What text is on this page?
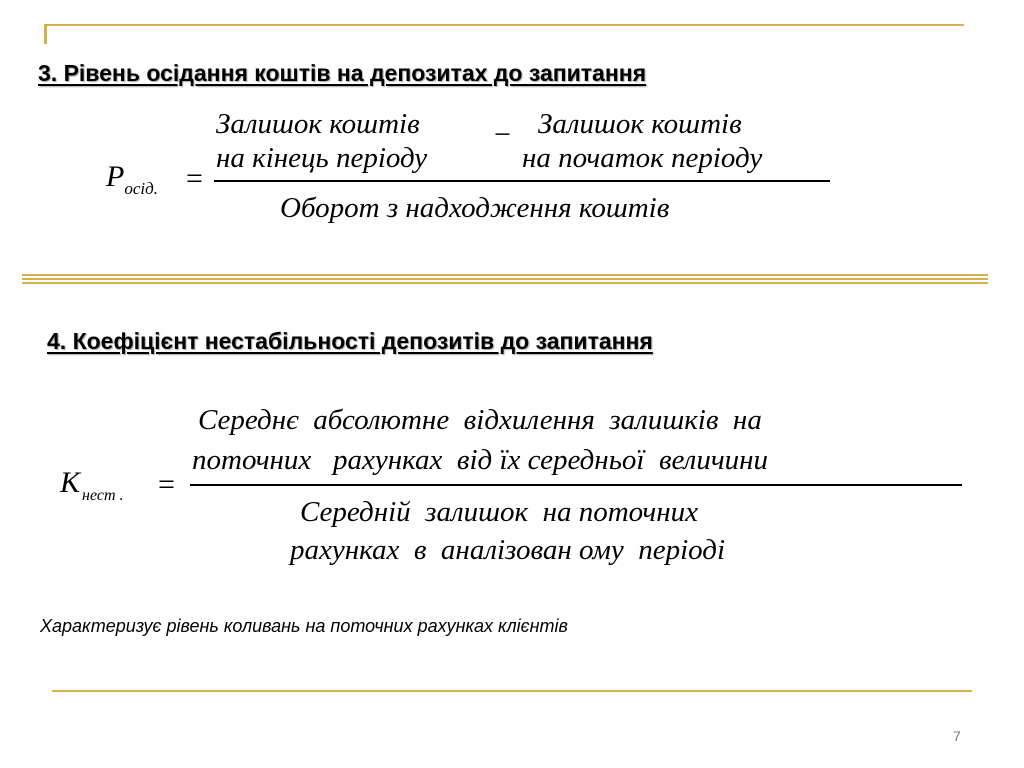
3. Рівень осідання коштів на депозитах до запитання
$P_{осід.}$ =
Залишок коштів
на кінець періоду
− Залишок коштів
на початок періоду
Оборот з надходження коштів
4. Коефіцієнт нестабільності депозитів до запитання
K $_{нест .}$ =
Середнє  абсолютне  відхилення  залишків  на
поточних   рахунках  від їх середньої  величини
Середній  залишок  на поточних
рахунках  в  аналізован ому  періоді
Характеризує рівень коливань на поточних рахунках клієнтів
7
